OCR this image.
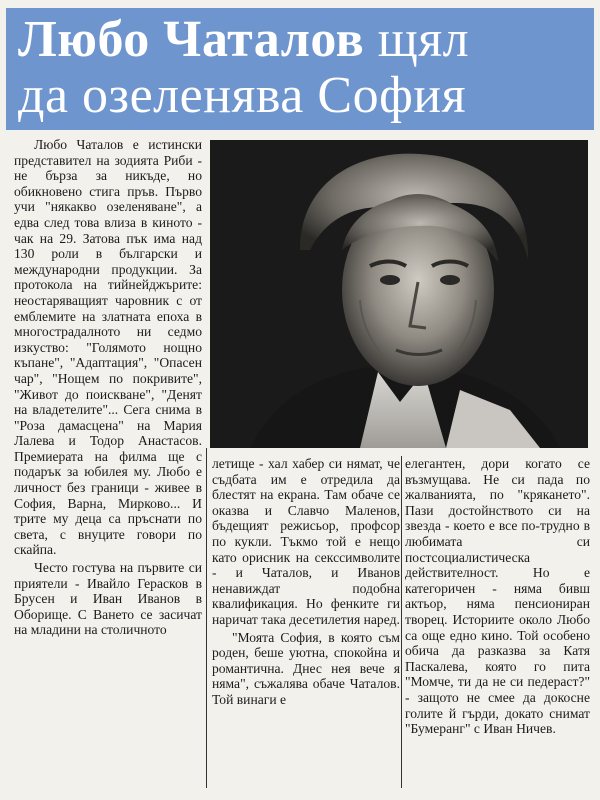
Любо Чаталов щял
да озеленява София

Любо Чаталов е истински представител на зодията Риби - не бърза за никъде, но обикновено стига пръв. Първо учи "някакво озеленяване", а едва след това влиза в киното - чак на 29. Затова пък има над 130 роли в български и международни продукции. За протокола на тийнейджърите: неостаряващият чаровник с от емблемите на златната епоха в многострадалното ни седмо изкуство: "Голямото нощно къпане", "Адаптация", "Опасен чар", "Нощем по покривите", "Живот до поискване", "Денят на владетелите"... Сега снима в "Роза дамасцена" на Мария Лалева и Тодор Анастасов. Премиерата на филма ще с подарък за юбилея му. Любо е личност без граници - живее в София, Варна, Мирково... И трите му деца са пръснати по света, с внуците говори по скайпа.

Често гостува на първите си приятели - Ивайло Герасков в Брусен и Иван Иванов в Оборище. С Ването се засичат на младини на столичното

летище - хал хабер си нямат, че съдбата им е отредила да блестят на екрана. Там обаче се оказва и Славчо Маленов, бъдещият режисьор, профсор по кукли. Тъкмо той е нещо като орисник на секссимволите - и Чаталов, и Иванов ненавиждат подобна квалификация. Но фенките ги наричат така десетилетия наред.

"Моята София, в която съм роден, беше уютна, спокойна и романтична. Днес нея вече я няма", съжалява обаче Чаталов. Той винаги е

елегантен, дори когато се възмущава. Не си пада по жалванията, по "крякането". Пази достойнството си на звезда - което е все по-трудно в любимата си постсоциалистическа действителност. Но е категоричен - няма бивш актьор, няма пенсиониран творец. Историите около Любо са още едно кино. Той особено обича да разказва за Катя Паскалева, която го пита "Момчe, ти да не си педераст?" - защото не смее да докосне голите й гърди, докато снимат "Бумеранг" с Иван Ничев.
